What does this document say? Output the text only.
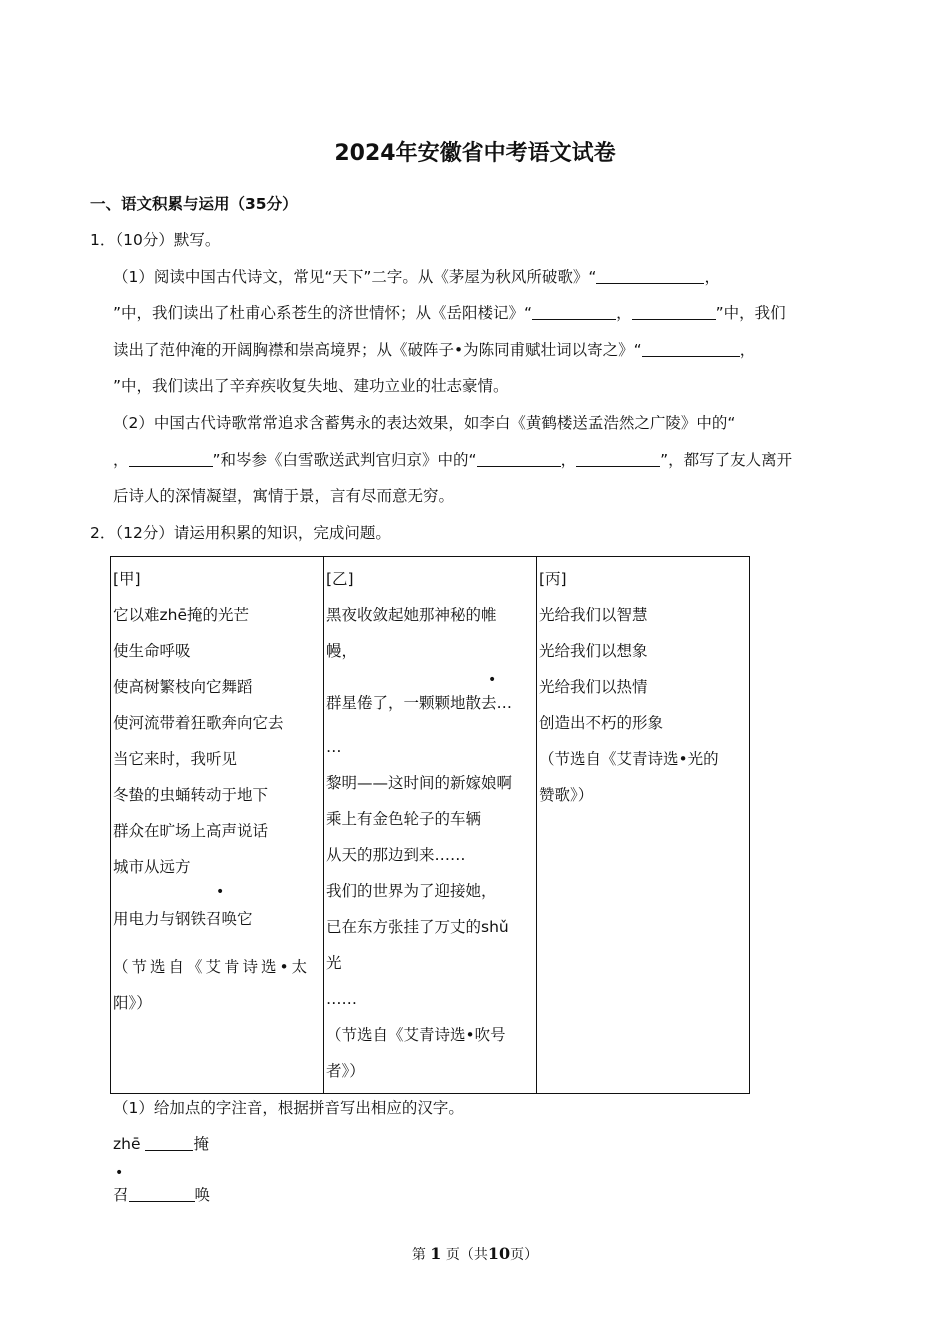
2024年安徽省中考语文试卷
一、语文积累与运用（35分）
1．（10分）默写。
（1）阅读中国古代诗文，常见“天下”二字。从《茅屋为秋风所破歌》“	，
”中，我们读出了杜甫心系苍生的济世情怀；从《岳阳楼记》“	，	”中，我们
读出了范仲淹的开阔胸襟和崇高境界；从《破阵子•为陈同甫赋壮词以寄之》“	，
”中，我们读出了辛弃疾收复失地、建功立业的壮志豪情。
（2）中国古代诗歌常常追求含蓄隽永的表达效果，如李白《黄鹤楼送孟浩然之广陵》中的“
，	”和岑参《白雪歌送武判官归京》中的“	，	”，都写了友人离开
后诗人的深情凝望，寓情于景，言有尽而意无穷。
2．（12分）请运用积累的知识，完成问题。
[甲]
它以难zhē掩的光芒
使生命呼吸
使高树繁枝向它舞蹈
使河流带着狂歌奔向它去
当它来时，我听见
冬蛰的虫蛹转动于地下
群众在旷场上高声说话
城市从远方
用电力与钢铁召唤它
（节选自《艾肯诗选•太
阳》）

[乙]
黑夜收敛起她那神秘的帷
幔，
群星倦了，一颗颗地散去…
…
黎明——这时间的新嫁娘啊
乘上有金色轮子的车辆
从天的那边到来……
我们的世界为了迎接她，
已在东方张挂了万丈的shǔ
光
……
（节选自《艾青诗选•吹号
者》）

[丙]
光给我们以智慧
光给我们以想象
光给我们以热情
创造出不朽的形象
（节选自《艾青诗选•光的
赞歌》）
•
•
（1）给加点的字注音，根据拼音写出相应的汉字。
zhē	掩
•
召	唤
第 1 页（共10页）
